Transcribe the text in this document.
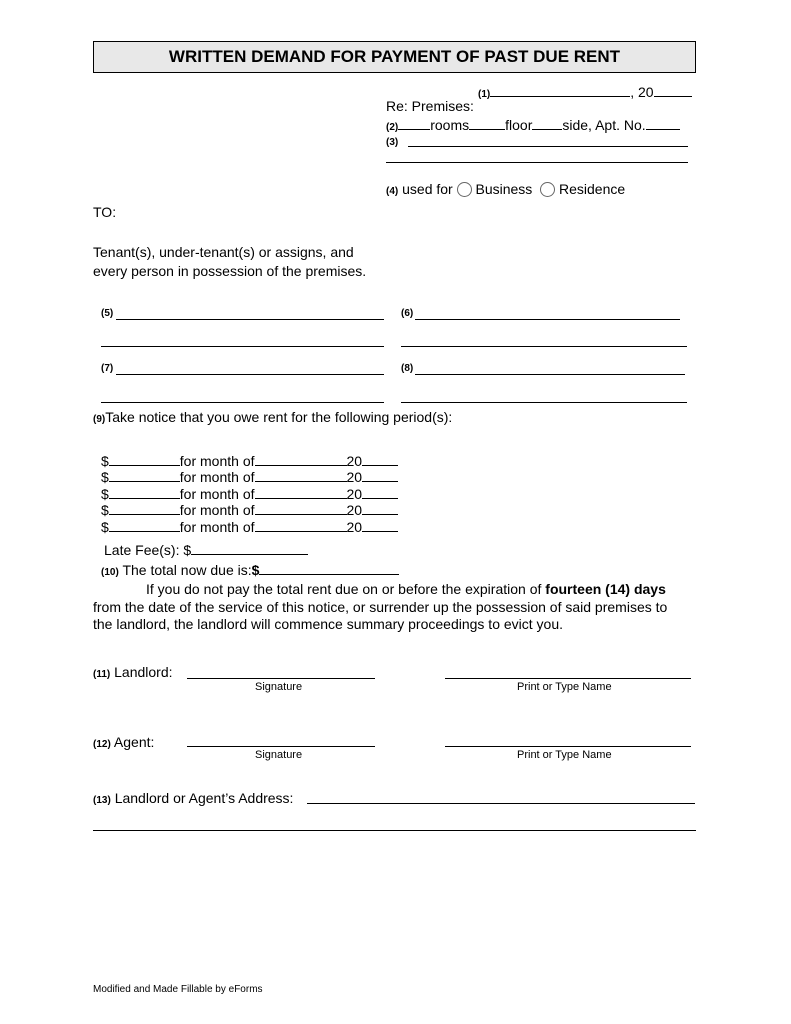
WRITTEN DEMAND FOR PAYMENT OF PAST DUE RENT
(1)	, 20
Re: Premises:
(2) rooms	floor side, Apt. No.
(3)
(4) used for Business Residence
TO:
Tenant(s), under-tenant(s) or assigns, and
every person in possession of the premises.
(5)	(6)
(7)	(8)
(9)Take notice that you owe rent for the following period(s):
$	for month of	20
$	for month of	20
$	for month of	20
$	for month of	20
$	for month of	20
Late Fee(s): $
(10) The total now due is:$
If you do not pay the total rent due on or before the expiration of fourteen (14) days
from the date of the service of this notice, or surrender up the possession of said premises to
the landlord, the landlord will commence summary proceedings to evict you.
(11) Landlord:
Signature	Print or Type Name
(12) Agent:
Signature	Print or Type Name
(13) Landlord or Agent’s Address:
Modified and Made Fillable by eForms
